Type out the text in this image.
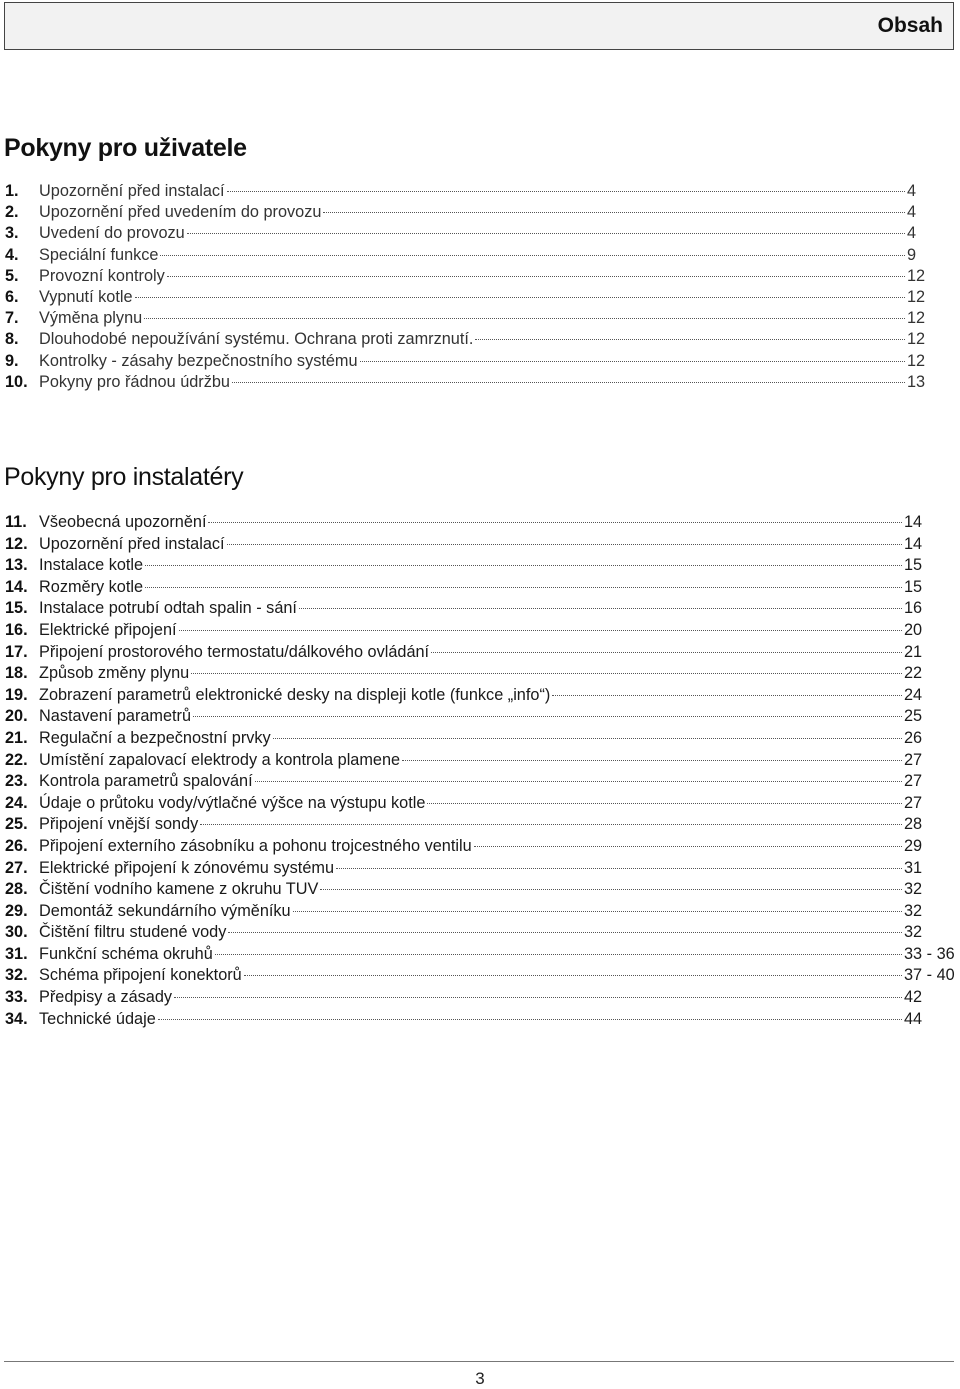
Obsah
Pokyny pro uživatele
1.	Upozornění před instalací	4
2.	Upozornění před uvedením do provozu	4
3.	Uvedení do provozu	4
4.	Speciální funkce	9
5.	Provozní kontroly	12
6.	Vypnutí kotle	12
7.	Výměna plynu	12
8.	Dlouhodobé nepoužívání systému. Ochrana proti zamrznutí.	12
9.	Kontrolky - zásahy bezpečnostního systému	12
10. Pokyny pro řádnou údržbu	13
Pokyny pro instalatéry
11. Všeobecná upozornění	14
12. Upozornění před instalací	14
13. Instalace kotle	15
14. Rozměry kotle	15
15. Instalace potrubí odtah spalin - sání	16
16. Elektrické připojení	20
17. Připojení prostorového termostatu/dálkového ovládání	21
18. Způsob změny plynu	22
19. Zobrazení parametrů elektronické desky na displeji kotle (funkce „info“)	24
20. Nastavení parametrů	25
21. Regulační a bezpečnostní prvky	26
22. Umístění zapalovací elektrody a kontrola plamene	27
23. Kontrola parametrů spalování	27
24. Údaje o průtoku vody/výtlačné výšce na výstupu kotle	27
25. Připojení vnější sondy	28
26. Připojení externího zásobníku a pohonu trojcestného ventilu	29
27. Elektrické připojení k zónovému systému	31
28. Čištění vodního kamene z okruhu TUV	32
29. Demontáž sekundárního výměníku	32
30. Čištění filtru studené vody	32
31. Funkční schéma okruhů	33 - 36
32. Schéma připojení konektorů	37 - 40
33. Předpisy a zásady	42
34. Technické údaje	44
3
